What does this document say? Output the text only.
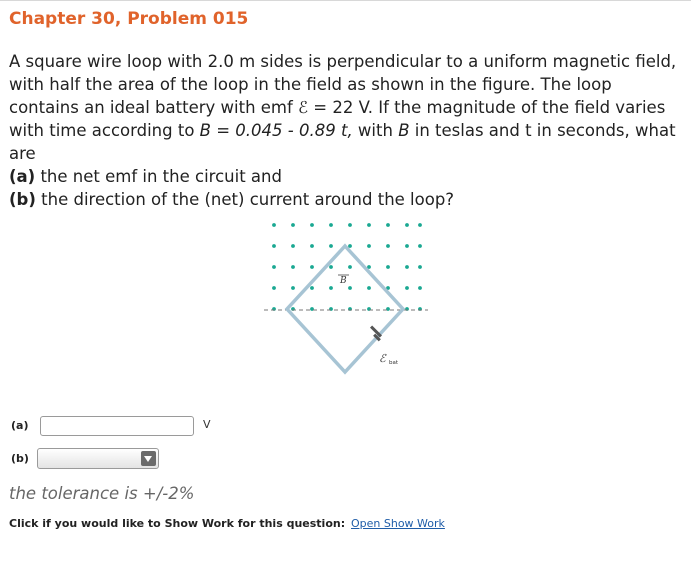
Chapter 30, Problem 015

A square wire loop with 2.0 m sides is perpendicular to a uniform magnetic field, with half the area of the loop in the field as shown in the figure. The loop contains an ideal battery with emf ℰ = 22 V. If the magnitude of the field varies with time according to B = 0.045 - 0.89 t, with B in teslas and t in seconds, what are

(a) the net emf in the circuit and

(b) the direction of the (net) current around the loop?

B
ℰ bat
(a)	V
(b)
the tolerance is +/-2%
Click if you would like to Show Work for this question: Open Show Work
